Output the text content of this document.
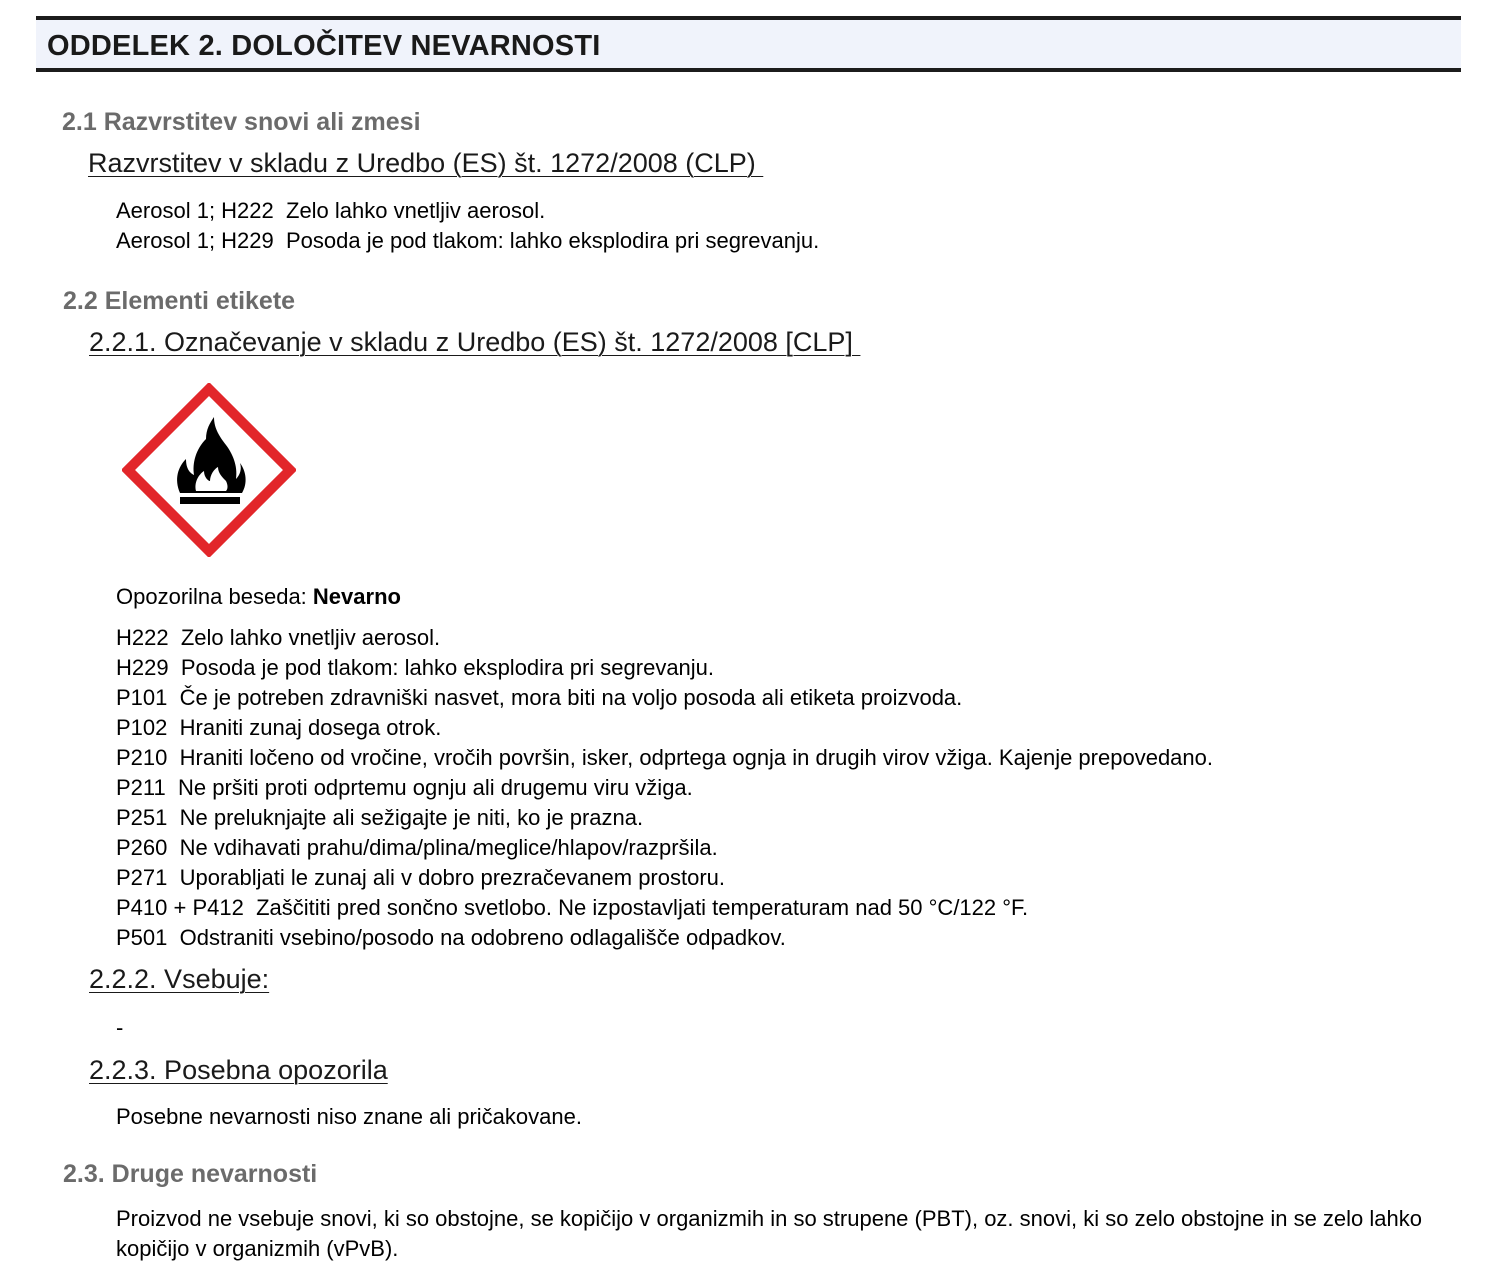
ODDELEK 2. DOLOČITEV NEVARNOSTI
2.1 Razvrstitev snovi ali zmesi
Razvrstitev v skladu z Uredbo (ES) št. 1272/2008 (CLP)
Aerosol 1; H222 Zelo lahko vnetljiv aerosol.
Aerosol 1; H229 Posoda je pod tlakom: lahko eksplodira pri segrevanju.
2.2 Elementi etikete
2.2.1. Označevanje v skladu z Uredbo (ES) št. 1272/2008 [CLP]
Opozorilna beseda: Nevarno
H222 Zelo lahko vnetljiv aerosol.
H229 Posoda je pod tlakom: lahko eksplodira pri segrevanju.
P101 Če je potreben zdravniški nasvet, mora biti na voljo posoda ali etiketa proizvoda.
P102 Hraniti zunaj dosega otrok.
P210 Hraniti ločeno od vročine, vročih površin, isker, odprtega ognja in drugih virov vžiga. Kajenje prepovedano.
P211 Ne pršiti proti odprtemu ognju ali drugemu viru vžiga.
P251 Ne preluknjajte ali sežigajte je niti, ko je prazna.
P260 Ne vdihavati prahu/dima/plina/meglice/hlapov/razpršila.
P271 Uporabljati le zunaj ali v dobro prezračevanem prostoru.
P410 + P412 Zaščititi pred sončno svetlobo. Ne izpostavljati temperaturam nad 50 °C/122 °F.
P501 Odstraniti vsebino/posodo na odobreno odlagališče odpadkov.
2.2.2. Vsebuje:
-
2.2.3. Posebna opozorila
Posebne nevarnosti niso znane ali pričakovane.
2.3. Druge nevarnosti
Proizvod ne vsebuje snovi, ki so obstojne, se kopičijo v organizmih in so strupene (PBT), oz. snovi, ki so zelo obstojne in se zelo lahko kopičijo v organizmih (vPvB).
